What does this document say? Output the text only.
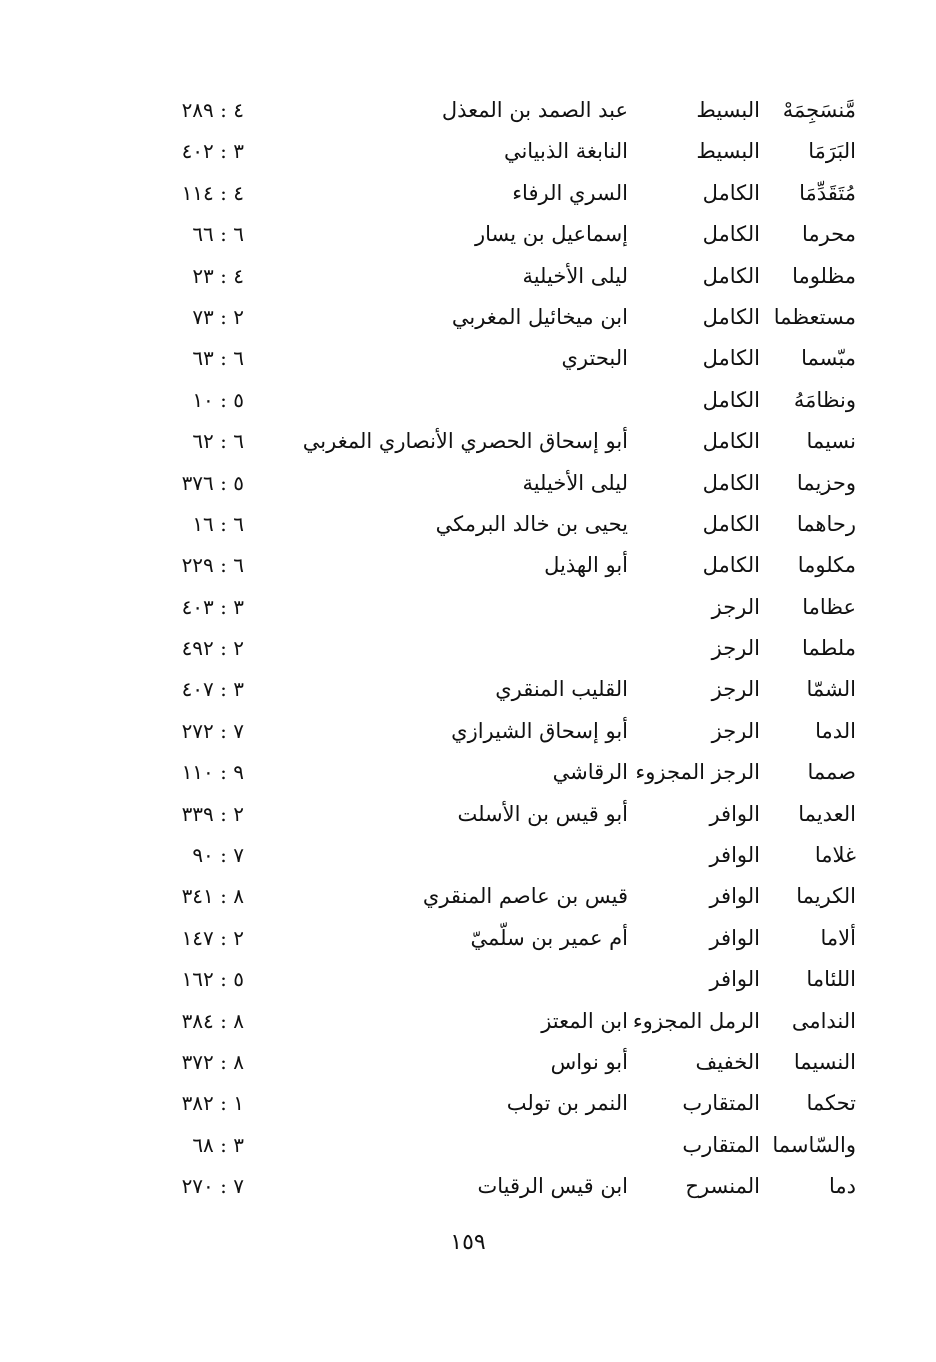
مَّنسَجِمَهْ
البسيط
عبد الصمد بن المعذل
٤ : ٢٨٩
البَرَمَا
البسيط
النابغة الذبياني
٣ : ٤٠٢
مُتَقَدِّمَا
الكامل
السري الرفاء
٤ : ١١٤
محرما
الكامل
إسماعيل بن يسار
٦ : ٦٦
مظلوما
الكامل
ليلى الأخيلية
٤ : ٢٣
مستعظما
الكامل
ابن ميخائيل المغربي
٢ : ٧٣
مبّسما
الكامل
البحتري
٦ : ٦٣
ونظامَهُ
الكامل
٥ : ١٠
نسيما
الكامل
أبو إسحاق الحصري الأنصاري المغربي
٦ : ٦٢
وحزيما
الكامل
ليلى الأخيلية
٥ : ٣٧٦
رحاهما
الكامل
يحيى بن خالد البرمكي
٦ : ١٦
مكلوما
الكامل
أبو الهذيل
٦ : ٢٢٩
عظاما
الرجز
٣ : ٤٠٣
ملطما
الرجز
٢ : ٤٩٢
الشمّا
الرجز
القليب المنقري
٣ : ٤٠٧
الدما
الرجز
أبو إسحاق الشيرازي
٧ : ٢٧٢
صمما
الرجز المجزوء
الرقاشي
٩ : ١١٠
العديما
الوافر
أبو قيس بن الأسلت
٢ : ٣٣٩
غلاما
الوافر
٧ : ٩٠
الكريما
الوافر
قيس بن عاصم المنقري
٨ : ٣٤١
ألاما
الوافر
أم عمير بن سلّميّ
٢ : ١٤٧
اللئاما
الوافر
٥ : ١٦٢
الندامى
الرمل المجزوء
ابن المعتز
٨ : ٣٨٤
النسيما
الخفيف
أبو نواس
٨ : ٣٧٢
تحكما
المتقارب
النمر بن تولب
١ : ٣٨٢
والسّاسما
المتقارب
٣ : ٦٨
دما
المنسرح
ابن قيس الرقيات
٧ : ٢٧٠
١٥٩
